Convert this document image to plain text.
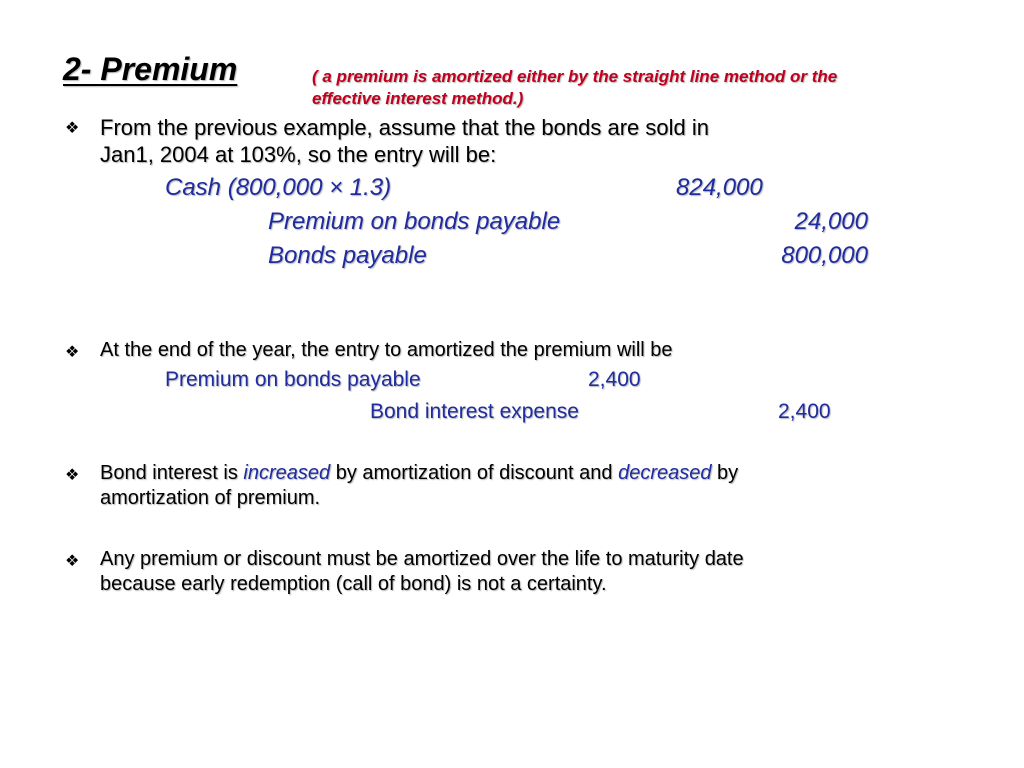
2- Premium	( a premium is amortized either by the straight line method or the
effective interest method.)
❖ From the previous example, assume that the bonds are sold in
Jan1, 2004 at 103%, so the entry will be:
Cash (800,000 × 1.3)	824,000
Premium on bonds payable	24,000
Bonds payable	800,000
❖ At the end of the year, the entry to amortized the premium will be
Premium on bonds payable	2,400
Bond interest expense	2,400
❖ Bond interest is increased by amortization of discount and decreased by
amortization of premium.
❖ Any premium or discount must be amortized over the life to maturity date
because early redemption (call of bond) is not a certainty.
